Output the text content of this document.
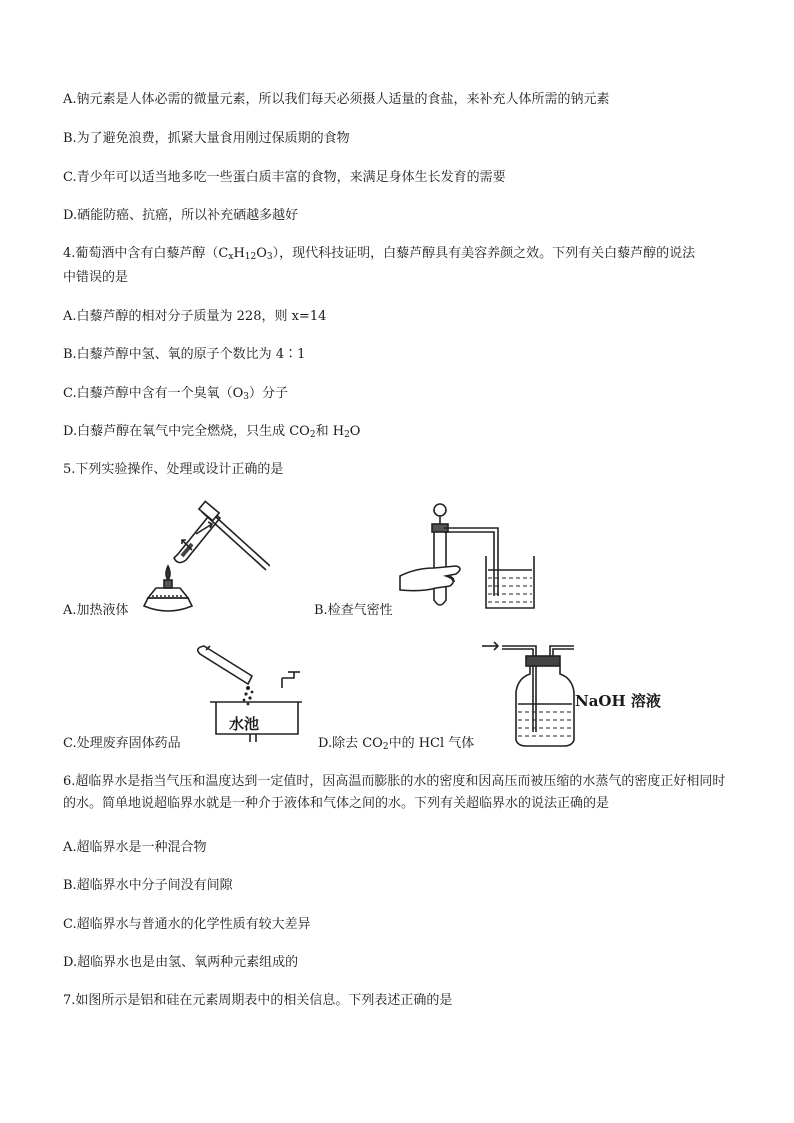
A.钠元素是人体必需的微量元素，所以我们每天必须摄人适量的食盐，来补充人体所需的钠元素
B.为了避免浪费，抓紧大量食用刚过保质期的食物
C.青少年可以适当地多吃一些蛋白质丰富的食物，来满足身体生长发育的需要
D.硒能防癌、抗癌，所以补充硒越多越好
4.葡萄酒中含有白藜芦醇$(C_xH_{12}O_3)$，现代科技证明，白藜芦醇具有美容养颜之效。下列有关白藜芦醇的说法
中错误的是
A.白藜芦醇的相对分子质量为 228，则 x=14
B.白藜芦醇中氢、氧的原子个数比为 4∶1
C.白藜芦醇中含有一个臭氧$(O_3)$分子
D.白藜芦醇在氧气中完全燃烧，只生成 $CO_2$和 $H_2O$
5.下列实验操作、处理或设计正确的是
A.加热液体	B.检查气密性
水池
C.处理废弃固体药品
NaOH 溶液
D.除去 $CO_2$中的 HCl 气体
6.超临界水是指当气压和温度达到一定值时，因高温而膨胀的水的密度和因高压而被压缩的水蒸气的密度正好相同时的水。简单地说超临界水就是一种介于液体和气体之间的水。下列有关超临界水的说法正确的是
A.超临界水是一种混合物
B.超临界水中分子间没有间隙
C.超临界水与普通水的化学性质有较大差异
D.超临界水也是由氢、氧两种元素组成的
7.如图所示是铝和硅在元素周期表中的相关信息。下列表述正确的是
